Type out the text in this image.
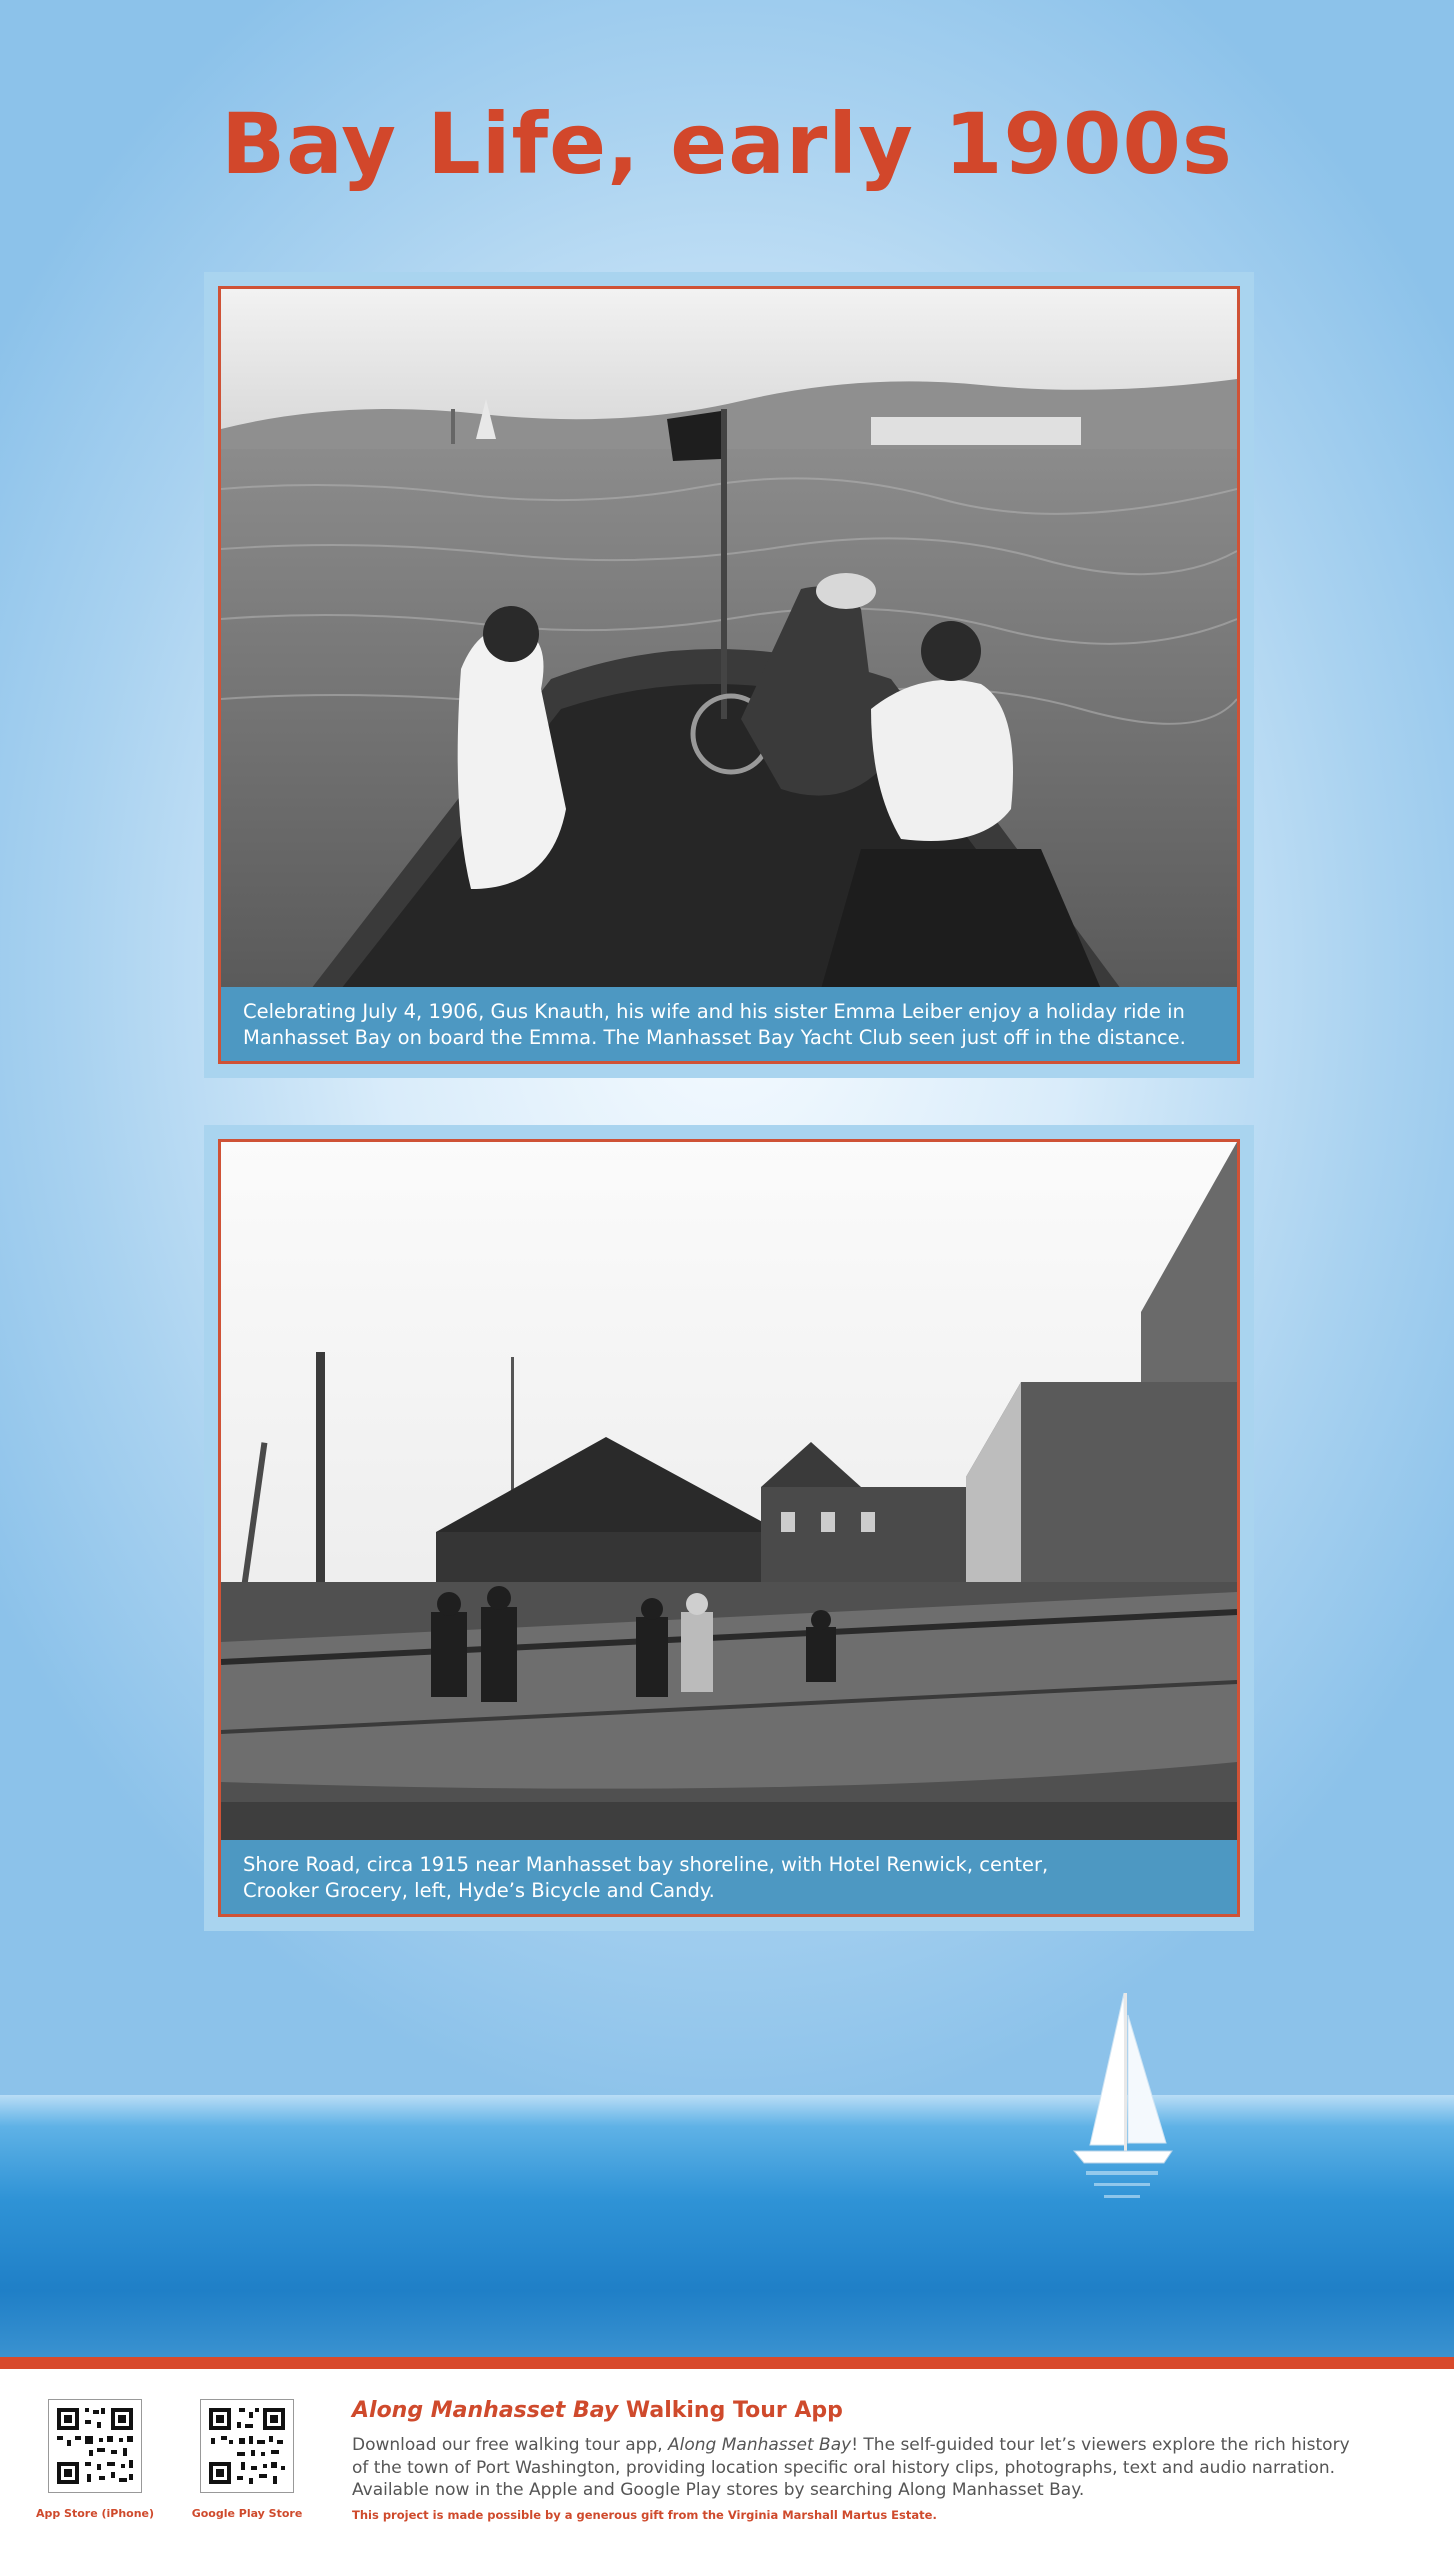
Bay Life, early 1900s
Celebrating July 4, 1906, Gus Knauth, his wife and his sister Emma Leiber enjoy a holiday ride in
Manhasset Bay on board the Emma. The Manhasset Bay Yacht Club seen just off in the distance.
Shore Road, circa 1915 near Manhasset bay shoreline, with Hotel Renwick, center,
Crooker Grocery, left, Hyde’s Bicycle and Candy.
App Store (iPhone)	Google Play Store
Along Manhasset Bay Walking Tour App
Download our free walking tour app, Along Manhasset Bay! The self-guided tour let’s viewers explore the rich history
of the town of Port Washington, providing location specific oral history clips, photographs, text and audio narration.
Available now in the Apple and Google Play stores by searching Along Manhasset Bay.
This project is made possible by a generous gift from the Virginia Marshall Martus Estate.
